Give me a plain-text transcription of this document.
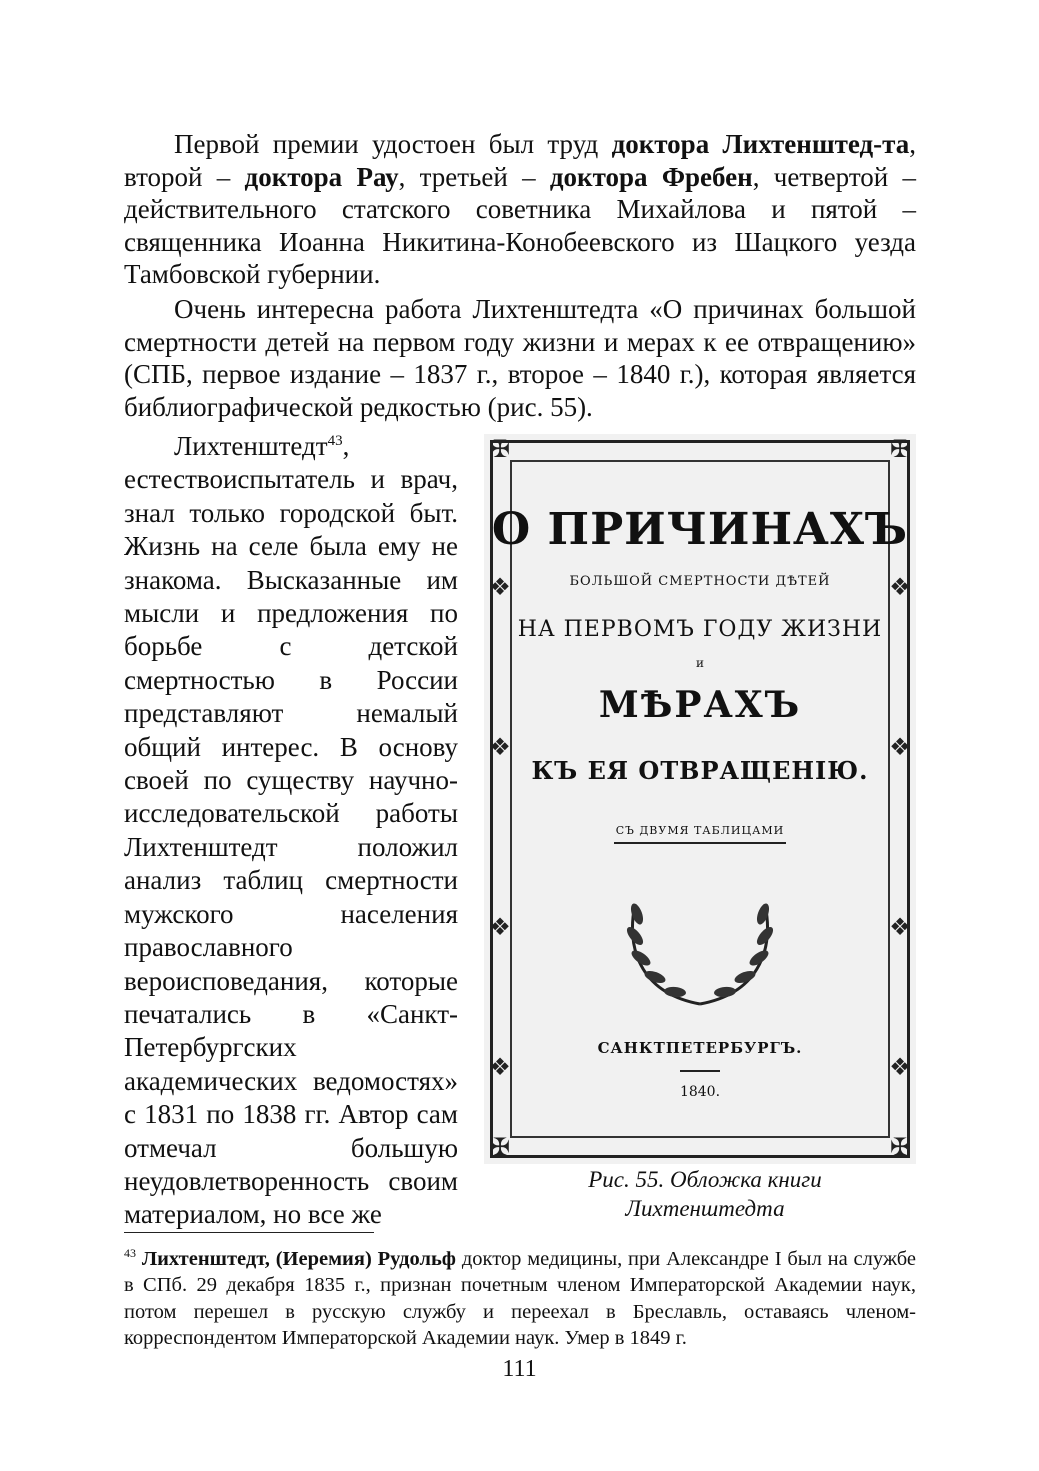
Первой премии удостоен был труд доктора Лихтенштед-та, второй – доктора Рау, третьей – доктора Фребен, четвертой – действительного статского советника Михайлова и пятой – священника Иоанна Никитина-Конобеевского из Шацкого уезда Тамбовской губернии.

Очень интересна работа Лихтенштедта «О причинах большой смертности детей на первом году жизни и мерах к ее отвращению» (СПБ, первое издание – 1837 г., второе – 1840 г.), которая является библиографической редкостью (рис. 55).

Лихтенштедт$^{43}$, естествоиспытатель и врач, знал только городской быт. Жизнь на селе была ему не знакома. Высказанные им мысли и предложения по борьбе с детской смертностью в России представляют немалый общий интерес. В основу своей по существу научно-исследовательской работы Лихтенштедт положил анализ таблиц смертности мужского населения православного вероисповедания, которые печатались в «Санкт-Петербургских академических ведомостях» с 1831 по 1838 гг. Автор сам отмечал большую неудовлетворенность своим материалом, но все же

✠	✠
✠	✠
❖	❖
❖	❖
❖	❖
❖	❖
О ПРИЧИНАХЪ
БОЛЬШОЙ СМЕРТНОСТИ ДѢТЕЙ
НА ПЕРВОМЪ ГОДУ ЖИЗНИ
и
МѢРАХЪ
КЪ ЕЯ ОТВРАЩЕНІЮ.
СЪ ДВУМЯ ТАБЛИЦАМИ
САНКТПЕТЕРБУРГЪ.
1840.
Рис. 55. Обложка книги
Лихтенштедта

$^{43}$ Лихтенштедт, (Иеремия) Рудольф доктор медицины, при Александре I был на службе в СПб. 29 декабря 1835 г., признан почетным членом Императорской Академии наук, потом перешел в русскую службу и переехал в Бреславль, оставаясь членом-корреспондентом Императорской Академии наук. Умер в 1849 г.

111
